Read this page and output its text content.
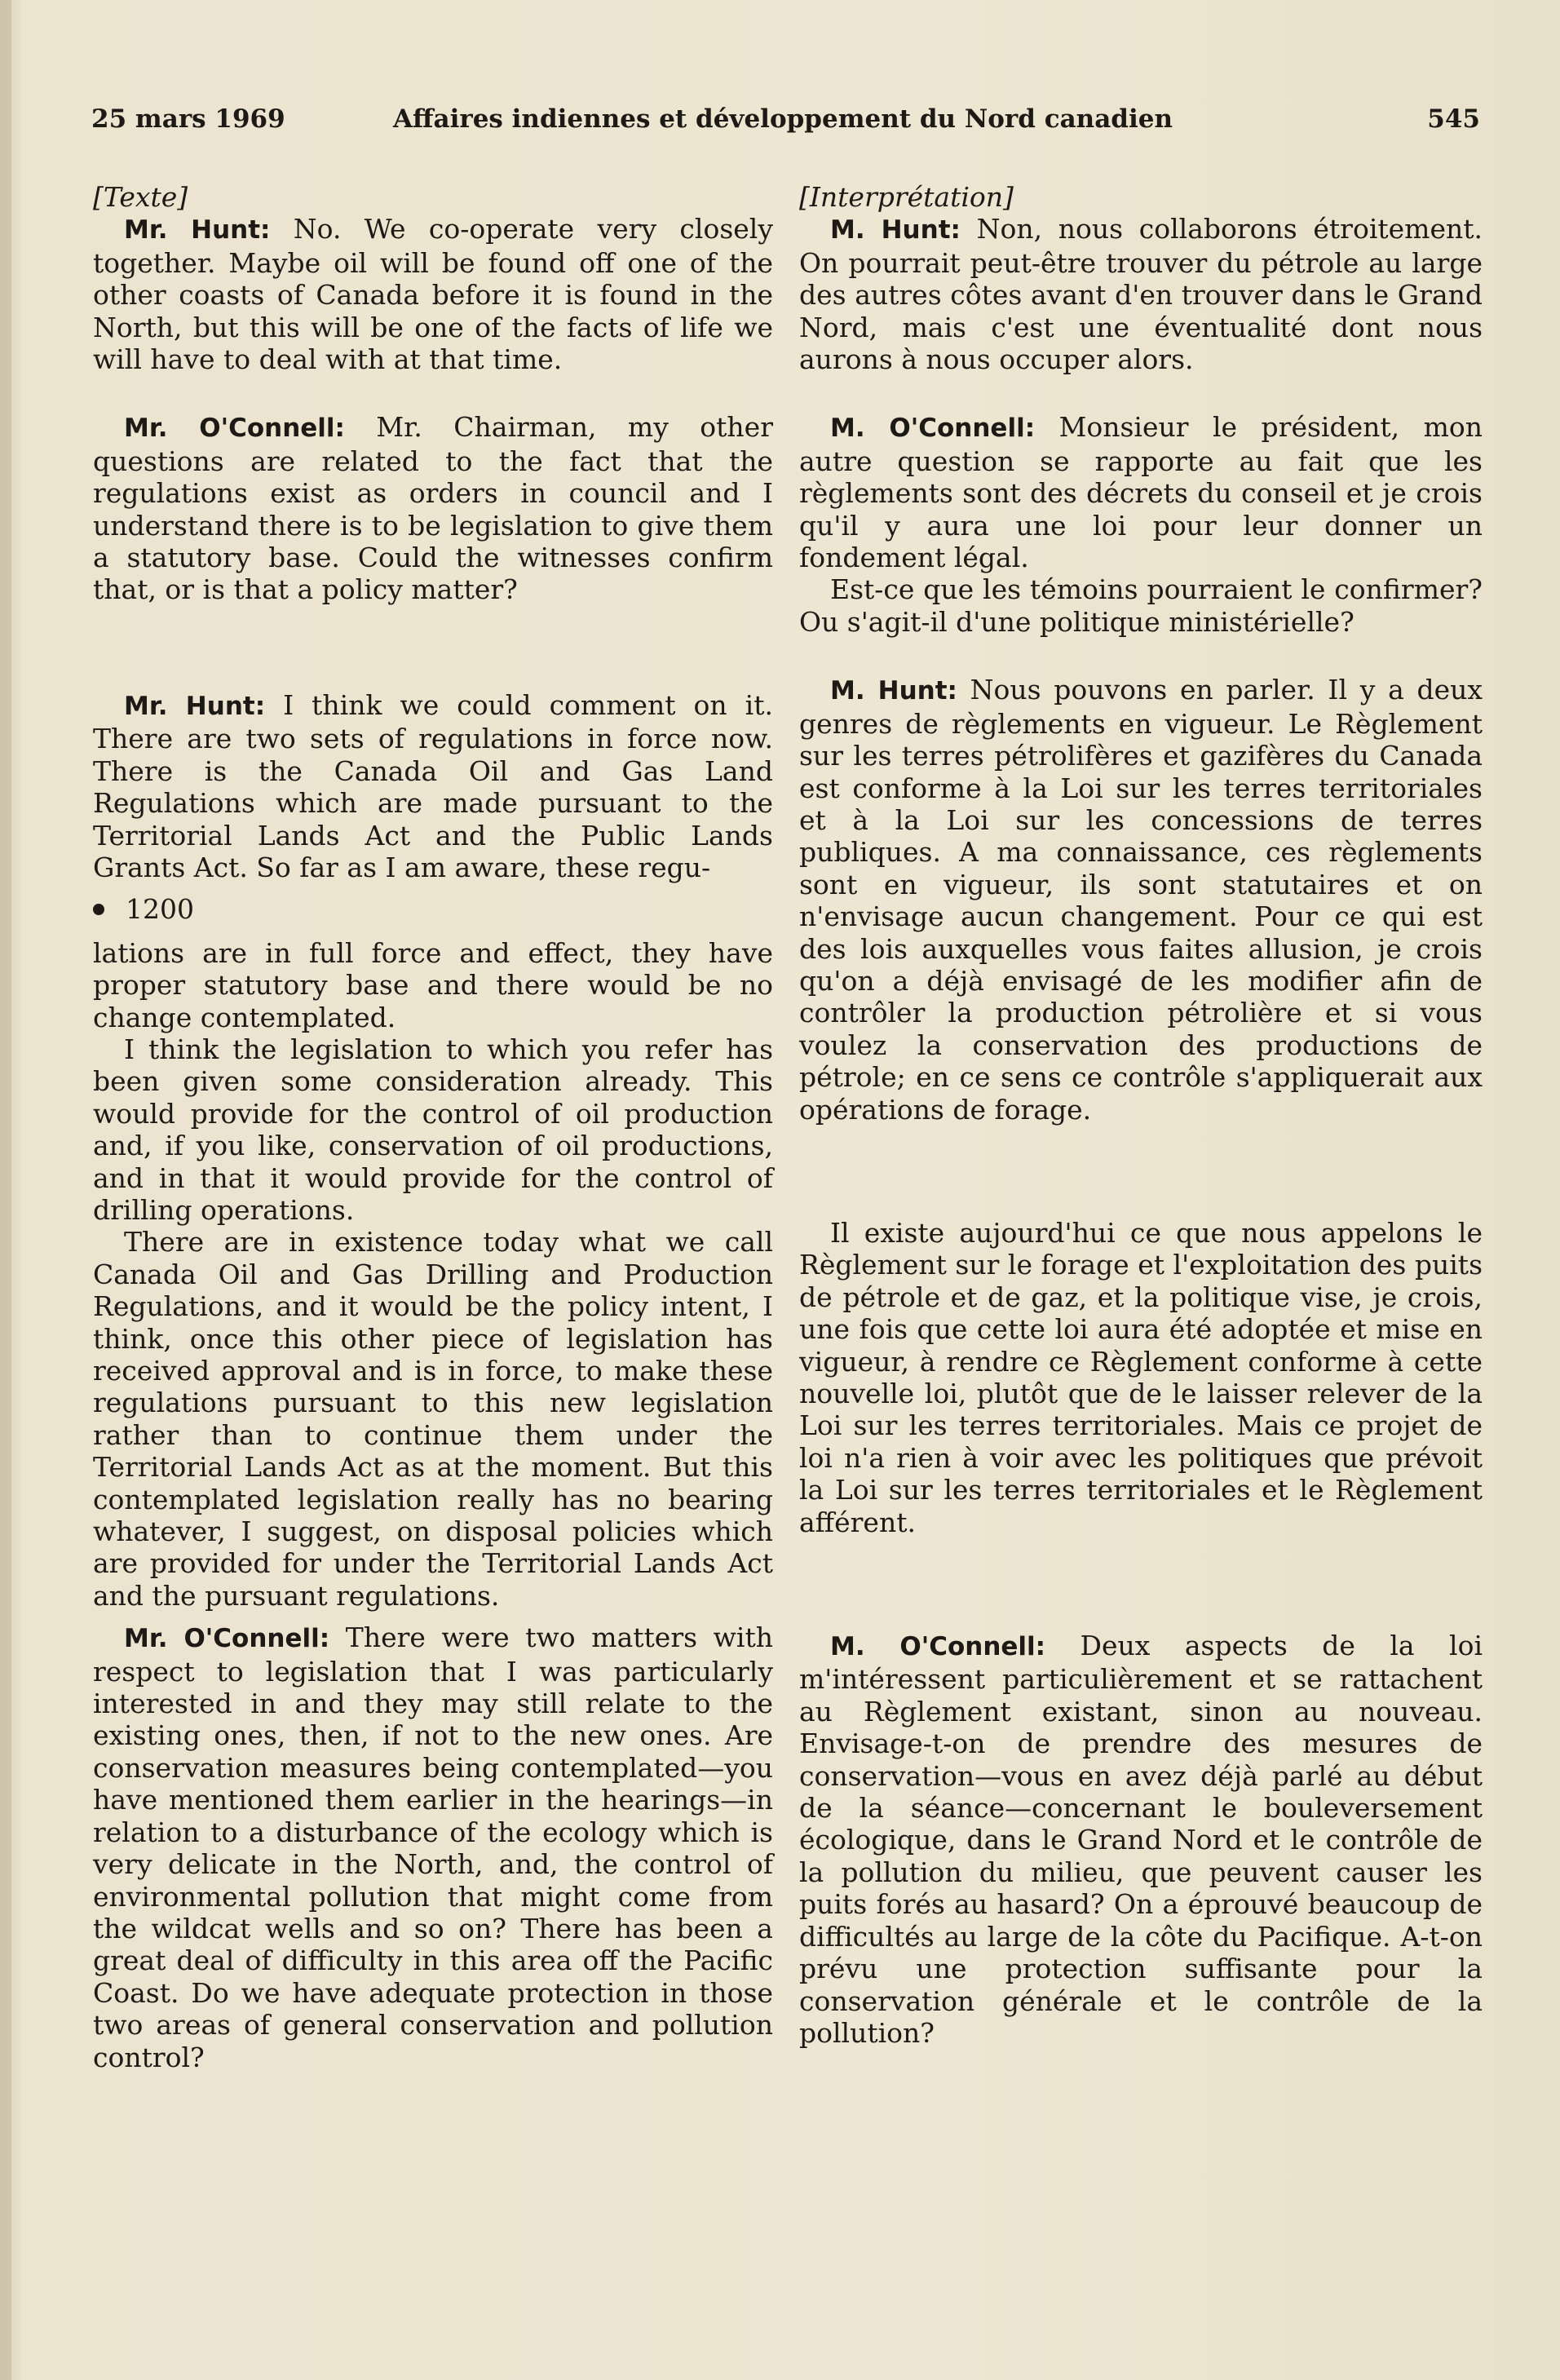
25 mars 1969	Affaires indiennes et développement du Nord canadien	545

[Texte]

Mr. Hunt: No. We co-operate very closely together. Maybe oil will be found off one of the other coasts of Canada before it is found in the North, but this will be one of the facts of life we will have to deal with at that time.

Mr. O'Connell: Mr. Chairman, my other questions are related to the fact that the regulations exist as orders in council and I understand there is to be legislation to give them a statutory base. Could the witnesses confirm that, or is that a policy matter?

Mr. Hunt: I think we could comment on it. There are two sets of regulations in force now. There is the Canada Oil and Gas Land Regulations which are made pursuant to the Territorial Lands Act and the Public Lands Grants Act. So far as I am aware, these regu-

1200

lations are in full force and effect, they have proper statutory base and there would be no change contemplated.

I think the legislation to which you refer has been given some consideration already. This would provide for the control of oil production and, if you like, conservation of oil productions, and in that it would provide for the control of drilling operations.

There are in existence today what we call Canada Oil and Gas Drilling and Production Regulations, and it would be the policy intent, I think, once this other piece of legislation has received approval and is in force, to make these regulations pursuant to this new legislation rather than to continue them under the Territorial Lands Act as at the moment. But this contemplated legislation really has no bearing whatever, I suggest, on disposal policies which are provided for under the Territorial Lands Act and the pursuant regulations.

Mr. O'Connell: There were two matters with respect to legislation that I was particularly interested in and they may still relate to the existing ones, then, if not to the new ones. Are conservation measures being contemplated—you have mentioned them earlier in the hearings—in relation to a disturbance of the ecology which is very delicate in the North, and, the control of environmental pollution that might come from the wildcat wells and so on? There has been a great deal of difficulty in this area off the Pacific Coast. Do we have adequate protection in those two areas of general conservation and pollution control?

[Interprétation]

M. Hunt: Non, nous collaborons étroitement. On pourrait peut-être trouver du pétrole au large des autres côtes avant d'en trouver dans le Grand Nord, mais c'est une éventualité dont nous aurons à nous occuper alors.

M. O'Connell: Monsieur le président, mon autre question se rapporte au fait que les règlements sont des décrets du conseil et je crois qu'il y aura une loi pour leur donner un fondement légal.

Est-ce que les témoins pourraient le confirmer? Ou s'agit-il d'une politique ministérielle?

M. Hunt: Nous pouvons en parler. Il y a deux genres de règlements en vigueur. Le Règlement sur les terres pétrolifères et gazifères du Canada est conforme à la Loi sur les terres territoriales et à la Loi sur les concessions de terres publiques. A ma connaissance, ces règlements sont en vigueur, ils sont statutaires et on n'envisage aucun changement. Pour ce qui est des lois auxquelles vous faites allusion, je crois qu'on a déjà envisagé de les modifier afin de contrôler la production pétrolière et si vous voulez la conservation des productions de pétrole; en ce sens ce contrôle s'appliquerait aux opérations de forage.

Il existe aujourd'hui ce que nous appelons le Règlement sur le forage et l'exploitation des puits de pétrole et de gaz, et la politique vise, je crois, une fois que cette loi aura été adoptée et mise en vigueur, à rendre ce Règlement conforme à cette nouvelle loi, plutôt que de le laisser relever de la Loi sur les terres territoriales. Mais ce projet de loi n'a rien à voir avec les politiques que prévoit la Loi sur les terres territoriales et le Règlement afférent.

M. O'Connell: Deux aspects de la loi m'intéressent particulièrement et se rattachent au Règlement existant, sinon au nouveau. Envisage-t-on de prendre des mesures de conservation—vous en avez déjà parlé au début de la séance—concernant le bouleversement écologique, dans le Grand Nord et le contrôle de la pollution du milieu, que peuvent causer les puits forés au hasard? On a éprouvé beaucoup de difficultés au large de la côte du Pacifique. A-t-on prévu une protection suffisante pour la conservation générale et le contrôle de la pollution?
